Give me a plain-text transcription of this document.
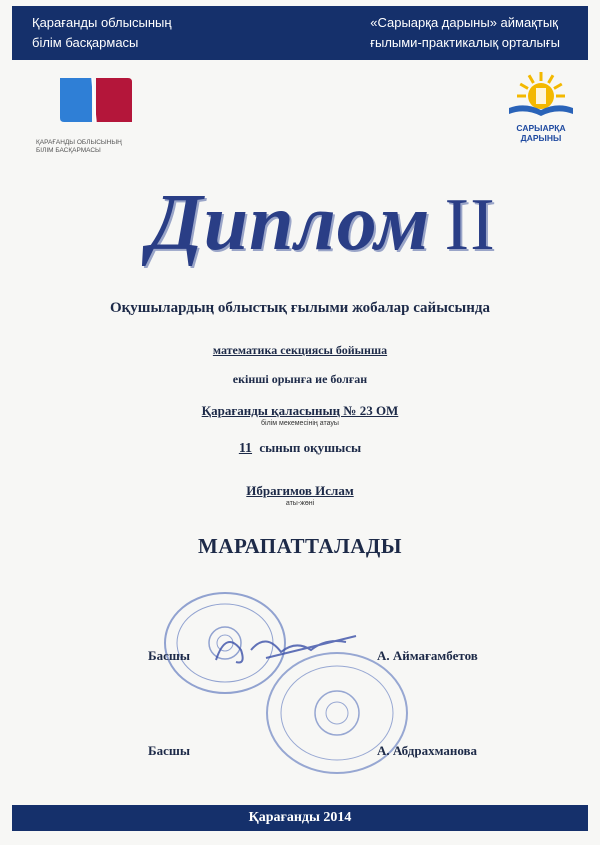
Қарағанды облысының
білім басқармасы
«Сарыарқа дарыны» аймақтық
ғылыми-практикалық орталығы
ҚАРАҒАНДЫ ОБЛЫСЫНЫҢ
БІЛІМ БАСҚАРМАСЫ
САРЫАРҚА ДАРЫНЫ
Диплом II
Оқушылардың облыстық ғылыми жобалар сайысында
математика секциясы бойынша
екінші орынға ие болған
Қарағанды қаласының № 23 ОМ
білім мекемесінің атауы
11 сынып оқушысы
Ибрагимов Ислам
аты-жөні
МАРАПАТТАЛАДЫ
Басшы	А. Аймағамбетов
Басшы	А. Абдрахманова
Қарағанды 2014
